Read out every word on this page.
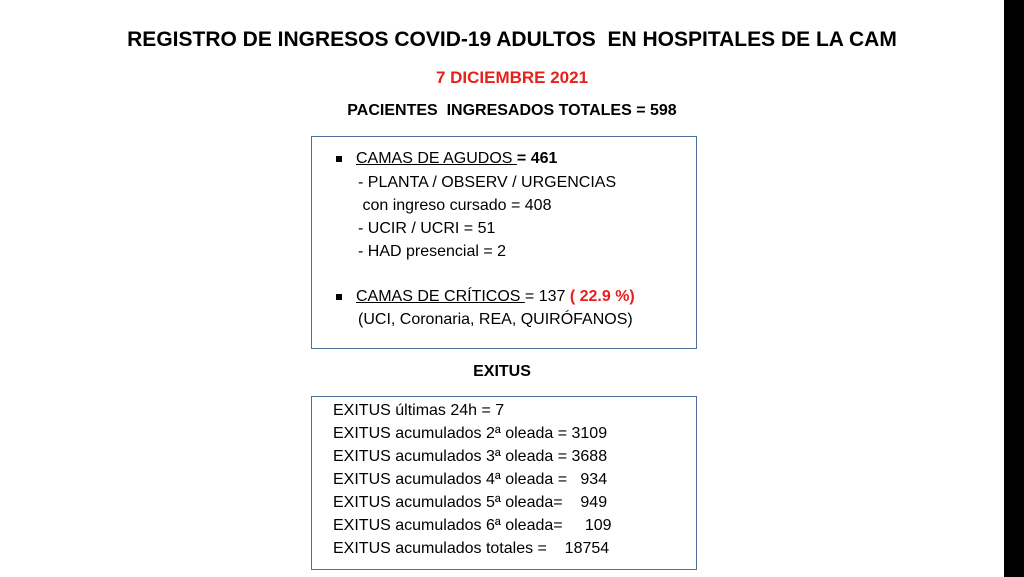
REGISTRO DE INGRESOS COVID-19 ADULTOS  EN HOSPITALES DE LA CAM
7 DICIEMBRE 2021
PACIENTES  INGRESADOS TOTALES = 598
CAMAS DE AGUDOS = 461
- PLANTA / OBSERV / URGENCIAS
con ingreso cursado = 408
- UCIR / UCRI = 51
- HAD presencial = 2
CAMAS DE CRÍTICOS = 137 ( 22.9 %)
(UCI, Coronaria, REA, QUIRÓFANOS)
EXITUS
EXITUS últimas 24h = 7
EXITUS acumulados 2ª oleada = 3109
EXITUS acumulados 3ª oleada = 3688
EXITUS acumulados 4ª oleada =   934
EXITUS acumulados 5ª oleada=    949
EXITUS acumulados 6ª oleada=     109
EXITUS acumulados totales =    18754
